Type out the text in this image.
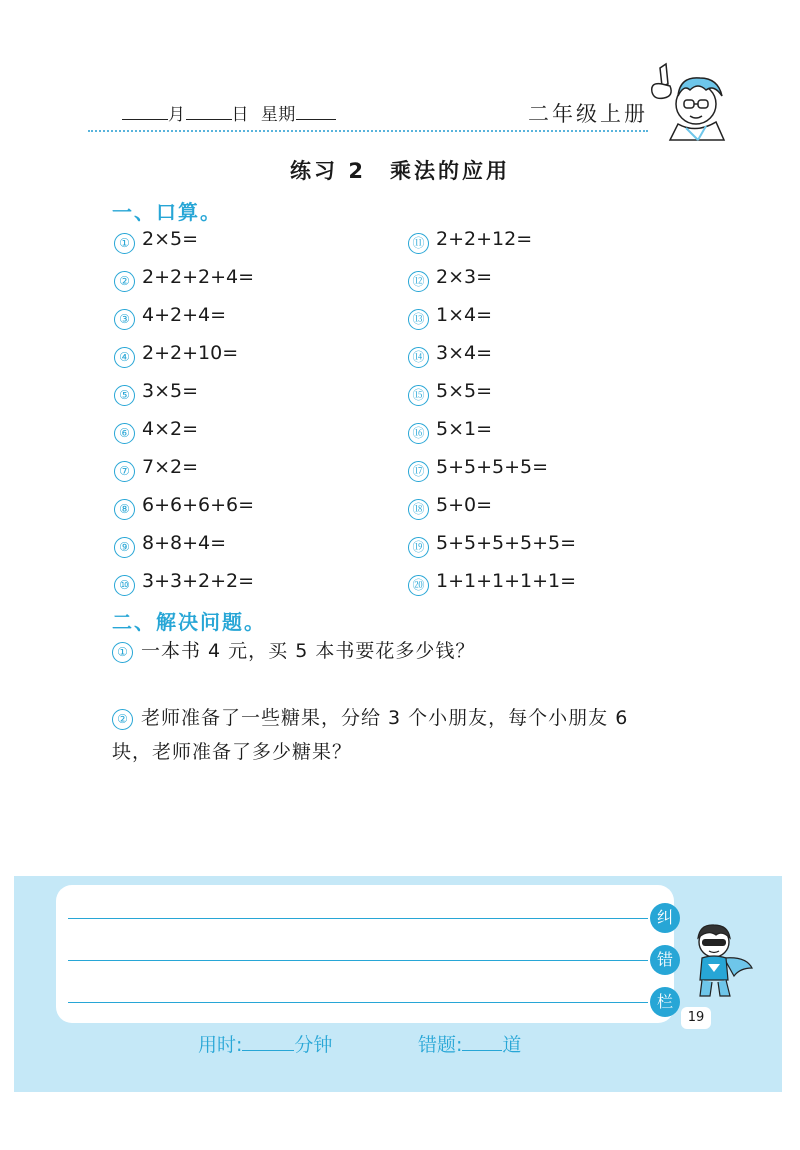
月	日 星期	二年级上册
练习 2　乘法的应用
一、口算。
① 2×5=
② 2+2+2+4=
③ 4+2+4=
④ 2+2+10=
⑤ 3×5=
⑥ 4×2=
⑦ 7×2=
⑧ 6+6+6+6=
⑨ 8+8+4=
⑩ 3+3+2+2=
⑪ 2+2+12=
⑫ 2×3=
⑬ 1×4=
⑭ 3×4=
⑮ 5×5=
⑯ 5×1=
⑰ 5+5+5+5=
⑱ 5+0=
⑲ 5+5+5+5+5=
⑳ 1+1+1+1+1=
二、解决问题。
① 一本书 4 元，买 5 本书要花多少钱？
② 老师准备了一些糖果，分给 3 个小朋友，每个小朋友 6
块，老师准备了多少糖果？
纠
错
栏
19
用时:	分钟	错题: 道
